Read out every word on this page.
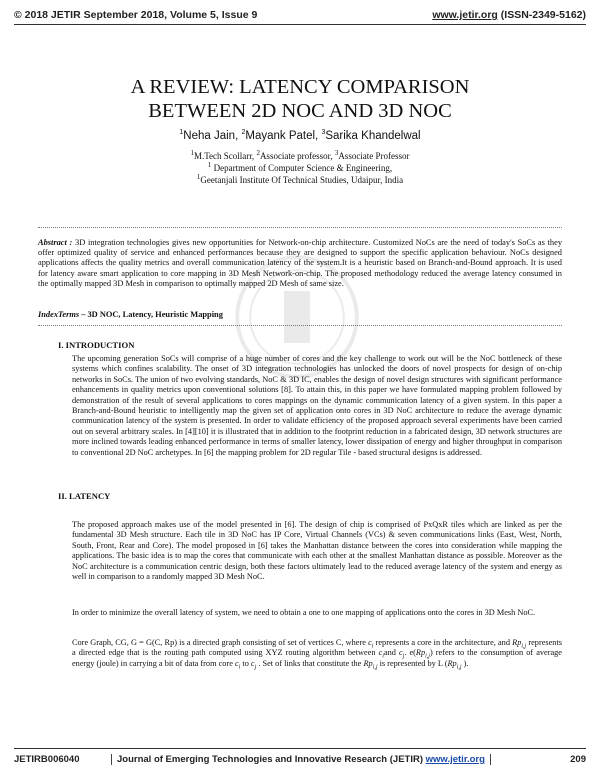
© 2018 JETIR September 2018, Volume 5, Issue 9	www.jetir.org (ISSN-2349-5162)
A REVIEW: LATENCY COMPARISON
BETWEEN 2D NOC AND 3D NOC
$^1$Neha Jain, $^2$Mayank Patel, $^3$Sarika Khandelwal
$^1$M.Tech Scollarr, $^2$Associate professor, $^3$Associate Professor
$^1$ Department of Computer Science & Engineering,
$^1$Geetanjali Institute Of Technical Studies, Udaipur, India
Abstract : 3D integration technologies gives new opportunities for Network-on-chip architecture. Customized NoCs are the need of today's SoCs as they offer optimized quality of service and enhanced performances because they are designed to support the specific application behaviour. NoCs designed applications affects the quality metrics and overall communication latency of the system.It is a heuristic based on Branch-and-Bound approach. It is used for latency aware smart application to core mapping in 3D Mesh Network-on-chip. The proposed methodology reduced the average latency consumed in the optimally mapped 3D Mesh in comparison to optimally mapped 2D Mesh of same size.
IndexTerms – 3D NOC, Latency, Heuristic Mapping
I. INTRODUCTION
The upcoming generation SoCs will comprise of a huge number of cores and the key challenge to work out will be the NoC bottleneck of these systems which confines scalability. The onset of 3D integration technologies has unlocked the doors of novel prospects for design of on-chip networks in SoCs. The union of two evolving standards, NoC & 3D IC, enables the design of novel design structures with significant performance enhancements in quality metrics upon conventional solutions [8]. To attain this, in this paper we have formulated mapping problem followed by demonstration of the result of several applications to cores mappings on the dynamic communication latency of a given system. In this paper a Branch-and-Bound heuristic to intelligently map the given set of application onto cores in 3D NoC architecture to reduce the average dynamic communication latency of the system is presented. In order to validate efficiency of the proposed approach several experiments have been carried out on several arbitrary scales. In [4][10] it is illustrated that in addition to the footprint reduction in a fabricated design, 3D network structures are more inclined towards leading enhanced performance in terms of smaller latency, lower dissipation of energy and higher throughput in comparison to conventional 2D NoC archetypes. In [6] the mapping problem for 2D regular Tile - based structural designs is addressed.
II. LATENCY
The proposed approach makes use of the model presented in [6]. The design of chip is comprised of PxQxR tiles which are linked as per the fundamental 3D Mesh structure. Each tile in 3D NoC has IP Core, Virtual Channels (VCs) & seven communications links (East, West, North, South, Front, Rear and Core). The model proposed in [6] takes the Manhattan distance between the cores into consideration while mapping the applications. The basic idea is to map the cores that communicate with each other at the smallest Manhattan distance as possible. Moreover as the NoC architecture is a communication centric design, both these factors ultimately lead to the reduced average latency of the system and energy as well in comparison to a randomly mapped 3D Mesh NoC.
In order to minimize the overall latency of system, we need to obtain a one to one mapping of applications onto the cores in 3D Mesh NoC.
Core Graph, CG, G = G(C, Rp) is a directed graph consisting of set of vertices C, where $c_i$ represents a core in the architecture, and $Rp_{i,j}$ represents a directed edge that is the routing path computed using XYZ routing algorithm between $c_iand$ $c_j$. $e(Rp_{i,j})$ refers to the consumption of average energy (joule) in carrying a bit of data from core $c_i$ to $c_j$ . Set of links that constitute the $Rp_{i,j}$ is represented by L ($Rp_{i,j}$ ).
JETIRB006040	Journal of Emerging Technologies and Innovative Research (JETIR) www.jetir.org	209
